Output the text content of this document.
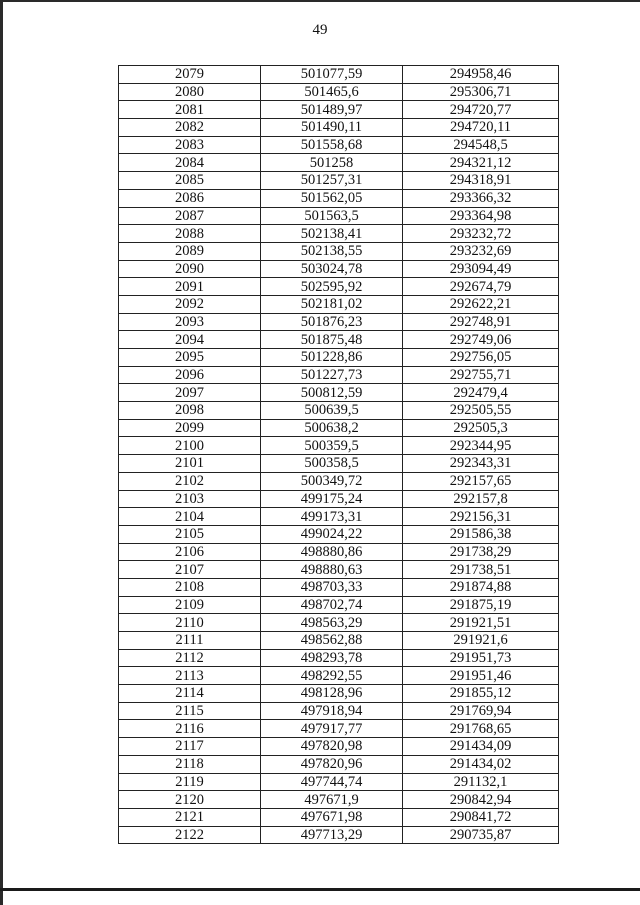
49
2079	501077,59	294958,46
2080	501465,6	295306,71
2081	501489,97	294720,77
2082	501490,11	294720,11
2083	501558,68	294548,5
2084	501258	294321,12
2085	501257,31	294318,91
2086	501562,05	293366,32
2087	501563,5	293364,98
2088	502138,41	293232,72
2089	502138,55	293232,69
2090	503024,78	293094,49
2091	502595,92	292674,79
2092	502181,02	292622,21
2093	501876,23	292748,91
2094	501875,48	292749,06
2095	501228,86	292756,05
2096	501227,73	292755,71
2097	500812,59	292479,4
2098	500639,5	292505,55
2099	500638,2	292505,3
2100	500359,5	292344,95
2101	500358,5	292343,31
2102	500349,72	292157,65
2103	499175,24	292157,8
2104	499173,31	292156,31
2105	499024,22	291586,38
2106	498880,86	291738,29
2107	498880,63	291738,51
2108	498703,33	291874,88
2109	498702,74	291875,19
2110	498563,29	291921,51
2111	498562,88	291921,6
2112	498293,78	291951,73
2113	498292,55	291951,46
2114	498128,96	291855,12
2115	497918,94	291769,94
2116	497917,77	291768,65
2117	497820,98	291434,09
2118	497820,96	291434,02
2119	497744,74	291132,1
2120	497671,9	290842,94
2121	497671,98	290841,72
2122	497713,29	290735,87
